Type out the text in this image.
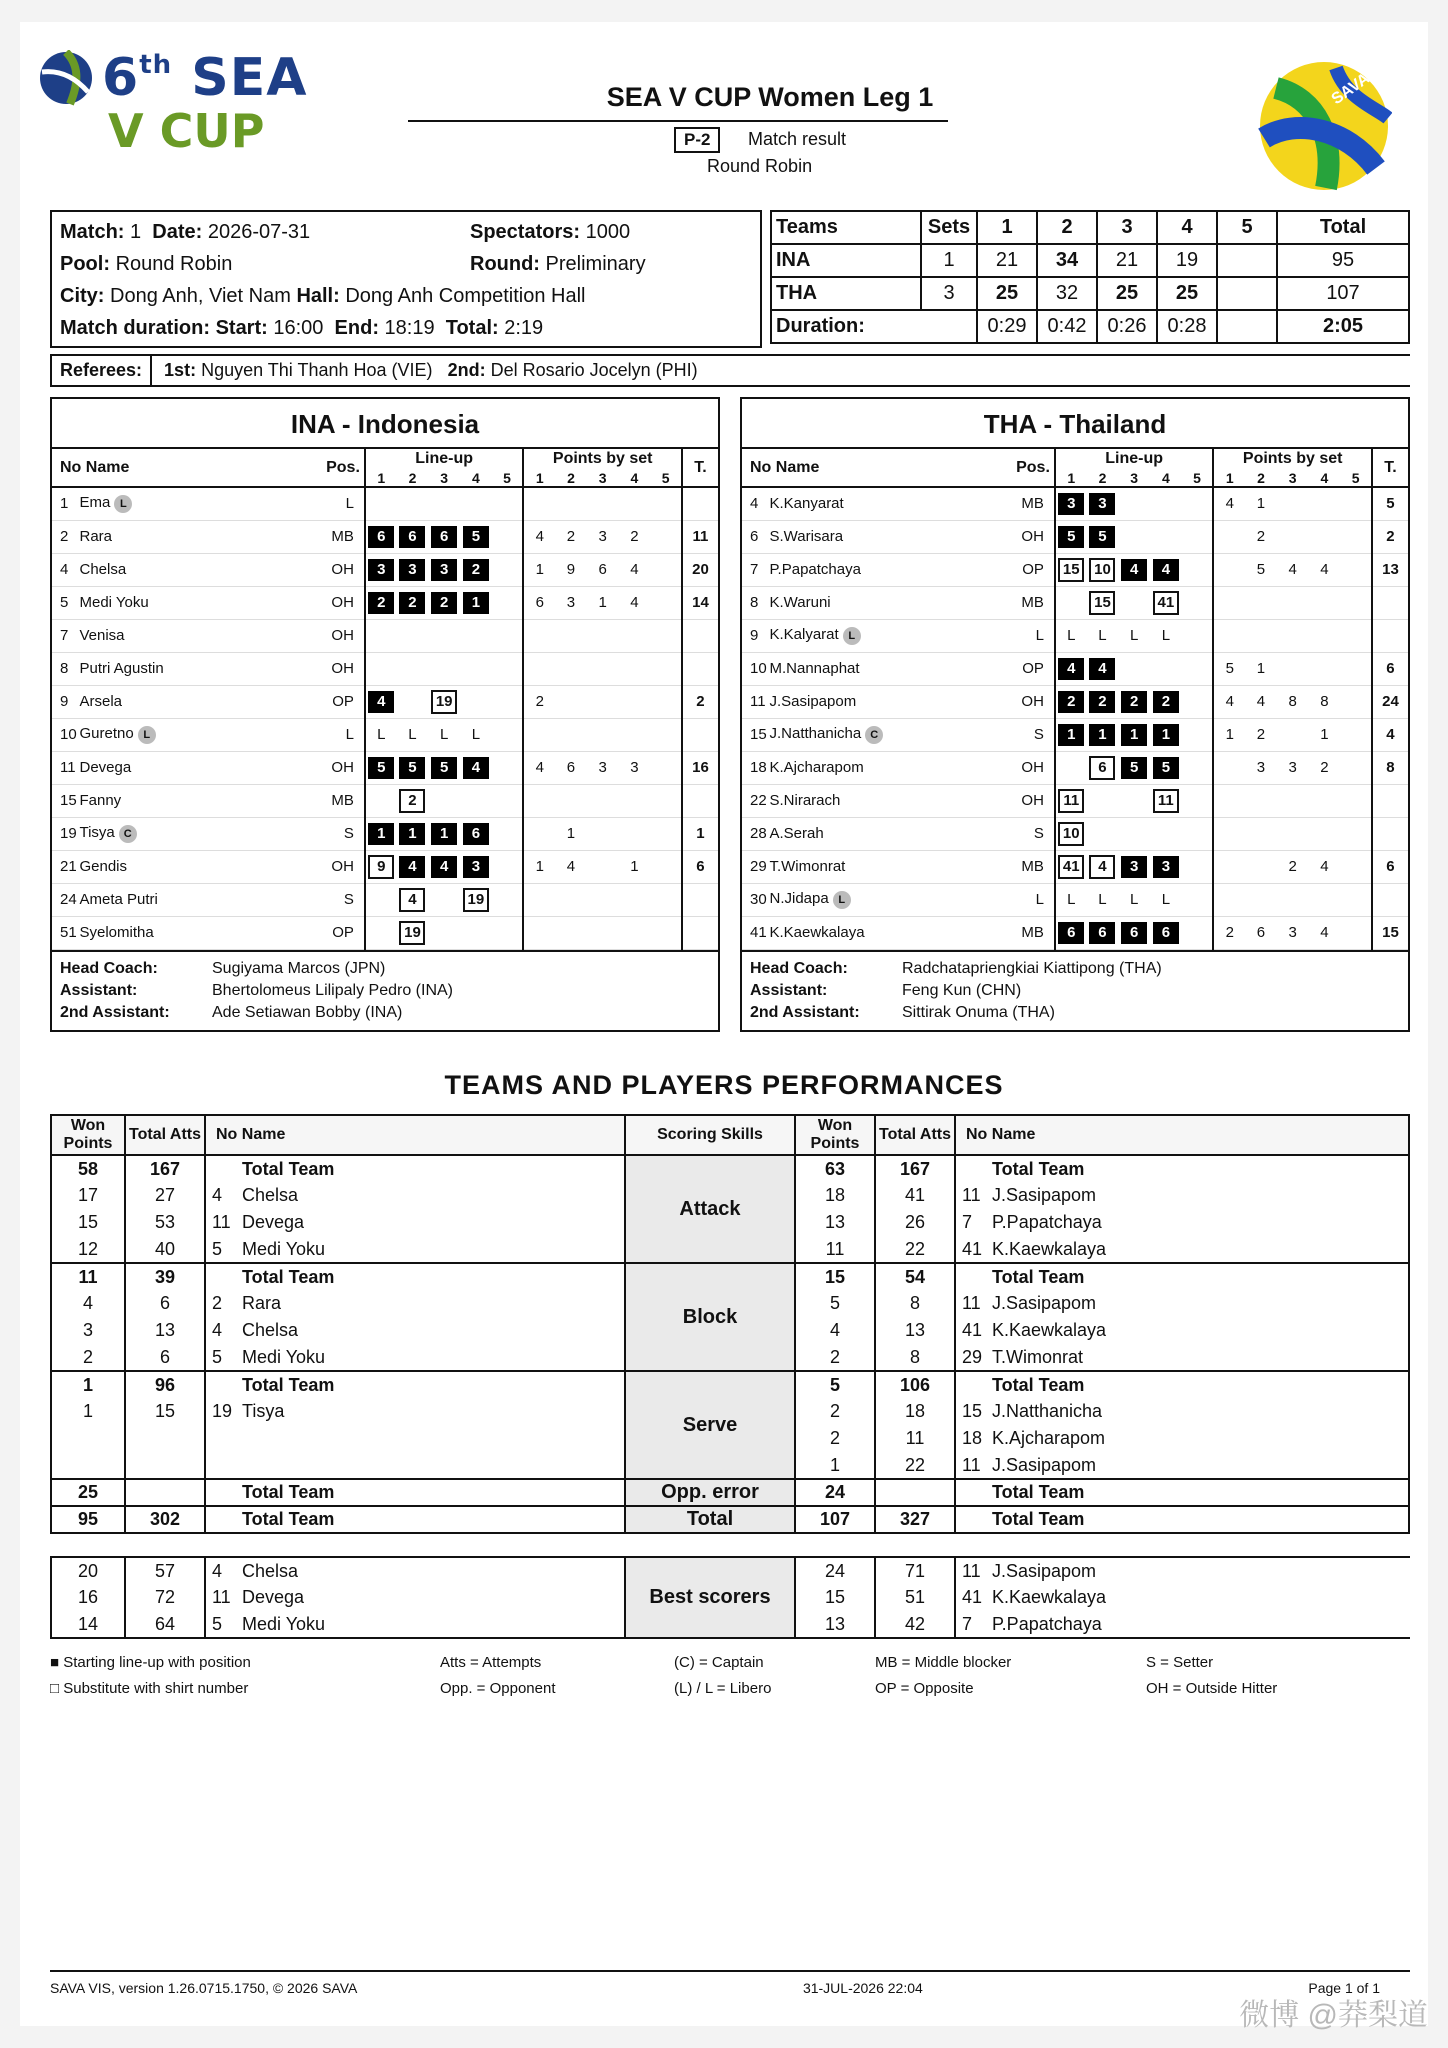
6th SEA
V CUP
SEA V CUP Women Leg 1
P-2	Match result
Round Robin
SAVA
Match: 1 Date: 2026-07-31	Spectators: 1000
Pool: Round Robin	Round: Preliminary
City: Dong Anh, Viet Nam Hall: Dong Anh Competition Hall
Match duration: Start: 16:00 End: 18:19 Total: 2:19
Teams	Sets	1	2	3	4	5	Total
INA	1	21	34	21	19		95
THA	3	25	32	25	25		107
Duration:		0:29	0:42	0:26	0:28		2:05
Referees:	1st: Nguyen Thi Thanh Hoa (VIE) 2nd: Del Rosario Jocelyn (PHI)
INA - Indonesia
No Name		Pos.	Line-up					Points by set					T.
			1	2	3	4	5	1	2	3	4	5	
1	Ema L	L											
2	Rara	MB	6	6	6	5		4	2	3	2		11
4	Chelsa	OH	3	3	3	2		1	9	6	4		20
5	Medi Yoku	OH	2	2	2	1		6	3	1	4		14
7	Venisa	OH											
8	Putri Agustin	OH											
9	Arsela	OP	4		19			2					2
10	Guretno L	L	L	L	L	L							
11	Devega	OH	5	5	5	4		4	6	3	3		16
15	Fanny	MB		2									
19	Tisya C	S	1	1	1	6			1				1
21	Gendis	OH	9	4	4	3		1	4		1		6
24	Ameta Putri	S		4		19							
51	Syelomitha	OP		19									
Head Coach:	Sugiyama Marcos (JPN)
Assistant:	Bhertolomeus Lilipaly Pedro (INA)
2nd Assistant:	Ade Setiawan Bobby (INA)
THA - Thailand
No Name		Pos.	Line-up					Points by set					T.
			1	2	3	4	5	1	2	3	4	5	
4	K.Kanyarat	MB	3	3				4	1				5
6	S.Warisara	OH	5	5					2				2
7	P.Papatchaya	OP	15	10	4	4			5	4	4		13
8	K.Waruni	MB		15		41							
9	K.Kalyarat L	L	L	L	L	L							
10	M.Nannaphat	OP	4	4				5	1				6
11	J.Sasipapom	OH	2	2	2	2		4	4	8	8		24
15	J.Natthanicha C	S	1	1	1	1		1	2		1		4
18	K.Ajcharapom	OH		6	5	5			3	3	2		8
22	S.Nirarach	OH	11			11							
28	A.Serah	S	10										
29	T.Wimonrat	MB	41	4	3	3				2	4		6
30	N.Jidapa L	L	L	L	L	L							
41	K.Kaewkalaya	MB	6	6	6	6		2	6	3	4		15
Head Coach:	Radchatapriengkiai Kiattipong (THA)
Assistant:	Feng Kun (CHN)
2nd Assistant:	Sittirak Onuma (THA)
TEAMS AND PLAYERS PERFORMANCES
Won Points	Total Atts	No Name	Scoring Skills	Won Points	Total Atts	No Name
58	167	Total Team	Attack	63	167	Total Team
17	27	4 Chelsa		18	41	11 J.Sasipapom
15	53	11 Devega		13	26	7 P.Papatchaya
12	40	5 Medi Yoku		11	22	41 K.Kaewkalaya
11	39	Total Team	Block	15	54	Total Team
4	6	2 Rara		5	8	11 J.Sasipapom
3	13	4 Chelsa		4	13	41 K.Kaewkalaya
2	6	5 Medi Yoku		2	8	29 T.Wimonrat
1	96	Total Team	Serve	5	106	Total Team
1	15	19 Tisya		2	18	15 J.Natthanicha
				2	11	18 K.Ajcharapom
				1	22	11 J.Sasipapom
25		Total Team	Opp. error	24		Total Team
95	302	Total Team	Total	107	327	Total Team
20	57	4 Chelsa	Best scorers	24	71	11 J.Sasipapom
16	72	11 Devega		15	51	41 K.Kaewkalaya
14	64	5 Medi Yoku		13	42	7 P.Papatchaya
■ Starting line-up with position
□ Substitute with shirt number
Atts = Attempts
Opp. = Opponent
(C) = Captain
(L) / L = Libero
MB = Middle blocker
OP = Opposite
S = Setter
OH = Outside Hitter
SAVA VIS, version 1.26.0715.1750, © 2026 SAVA	31-JUL-2026 22:04	Page 1 of 1
微博 @莽梨道
